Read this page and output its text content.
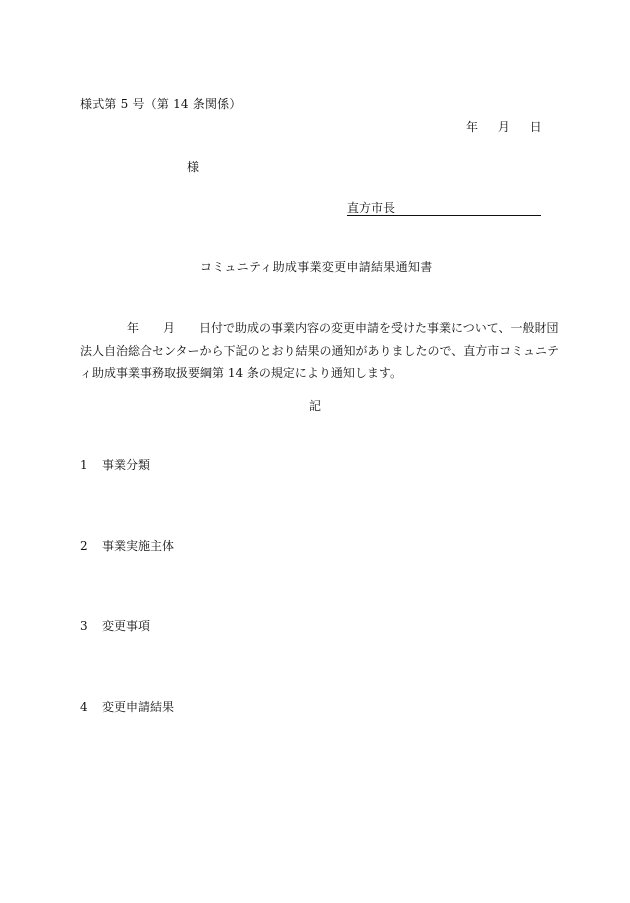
様式第 5 号（第 14 条関係）
年 月 日
様
直方市長
コミュニティ助成事業変更申請結果通知書
年　　月　　日付で助成の事業内容の変更申請を受けた事業について、一般財団法人自治総合センターから下記のとおり結果の通知がありましたので、直方市コミュニティ助成事業事務取扱要綱第 14 条の規定により通知します。
記
1 事業分類
2 事業実施主体
3 変更事項
4 変更申請結果
